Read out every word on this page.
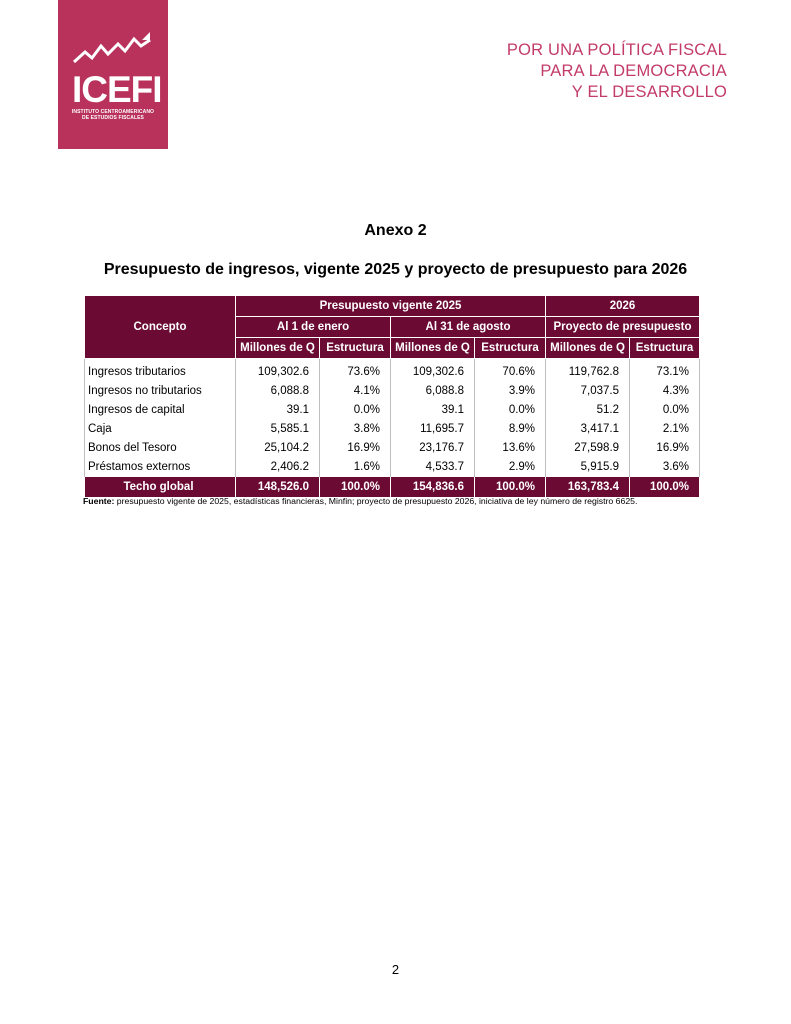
ICEFI
INSTITUTO CENTROAMERICANO
DE ESTUDIOS FISCALES
POR UNA POLÍTICA FISCAL
PARA LA DEMOCRACIA
Y EL DESARROLLO
Anexo 2
Presupuesto de ingresos, vigente 2025 y proyecto de presupuesto para 2026
Concepto	Presupuesto vigente 2025				2026	
	Al 1 de enero		Al 31 de agosto		Proyecto de presupuesto	
	Millones de Q	Estructura	Millones de Q	Estructura	Millones de Q	Estructura
Ingresos tributarios	109,302.6	73.6%	109,302.6	70.6%	119,762.8	73.1%
Ingresos no tributarios	6,088.8	4.1%	6,088.8	3.9%	7,037.5	4.3%
Ingresos de capital	39.1	0.0%	39.1	0.0%	51.2	0.0%
Caja	5,585.1	3.8%	11,695.7	8.9%	3,417.1	2.1%
Bonos del Tesoro	25,104.2	16.9%	23,176.7	13.6%	27,598.9	16.9%
Préstamos externos	2,406.2	1.6%	4,533.7	2.9%	5,915.9	3.6%
Techo global	148,526.0	100.0%	154,836.6	100.0%	163,783.4	100.0%
Fuente: presupuesto vigente de 2025, estadísticas financieras, Minfin; proyecto de presupuesto 2026, iniciativa de ley número de registro 6625.
2
